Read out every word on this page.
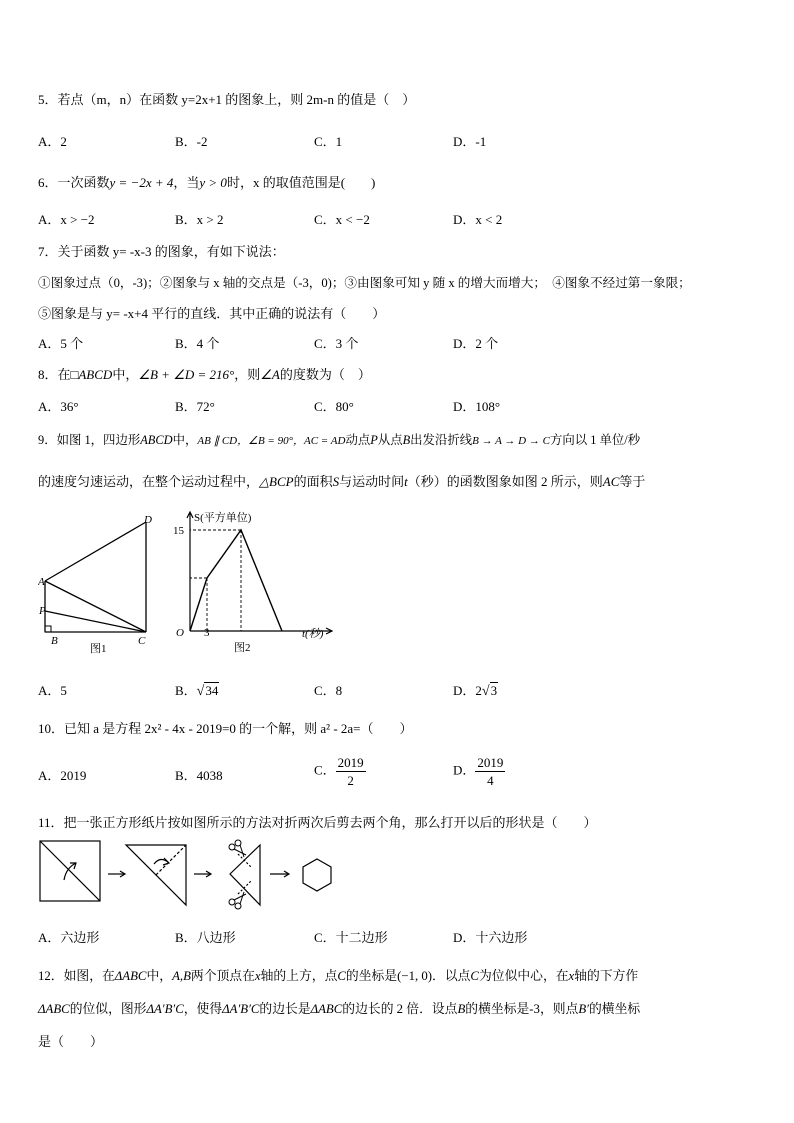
5．若点（m，n）在函数 y=2x+1 的图象上，则 2m-n 的值是（　）
A．2	B．-2	C．1	D．-1
6．一次函数y = −2x + 4，当y > 0时，x 的取值范围是(　　)
A．x > −2	B．x > 2	C．x < −2	D．x < 2
7．关于函数 y= -x-3 的图象，有如下说法：
①图象过点（0，-3)；②图象与 x 轴的交点是（-3，0)；③由图象可知 y 随 x 的增大而增大；　④图象不经过第一象限；
⑤图象是与 y= -x+4 平行的直线．其中正确的说法有（　　）
A．5 个	B．4 个	C．3 个	D．2 个
8．在□ABCD中，∠B + ∠D = 216°，则∠A的度数为（　）
A．36°	B．72°	C．80°	D．108°
9．如图 1，四边形ABCD中，AB ∥ CD，∠B = 90°，AC = AD动点P从点B出发沿折线B → A → D → C方向以 1 单位/秒
的速度匀速运动，在整个运动过程中，△BCP的面积S与运动时间t（秒）的函数图象如图 2 所示，则AC等于
D
A
P
B	C
图1
S(平方单位)
15
O 3	t(秒)
图2
A．5	B．√34	C．8	D．2√3
10．已知 a 是方程 2x² - 4x - 2019=0 的一个解，则 a² - 2a=（　　）
A．2019	B．4038	C． $\frac{2019}{2}$	D． $\frac{2019}{4}$
11．把一张正方形纸片按如图所示的方法对折两次后剪去两个角，那么打开以后的形状是（　　）
A．六边形	B．八边形	C．十二边形	D．十六边形
12．如图，在ΔABC中，A,B两个顶点在x轴的上方，点C的坐标是(−1, 0)．以点C为位似中心，在x轴的下方作
ΔABC的位似，图形ΔA′B′C，使得ΔA′B′C的边长是ΔABC的边长的 2 倍．设点B的横坐标是-3，则点B′的横坐标
是（　　）
